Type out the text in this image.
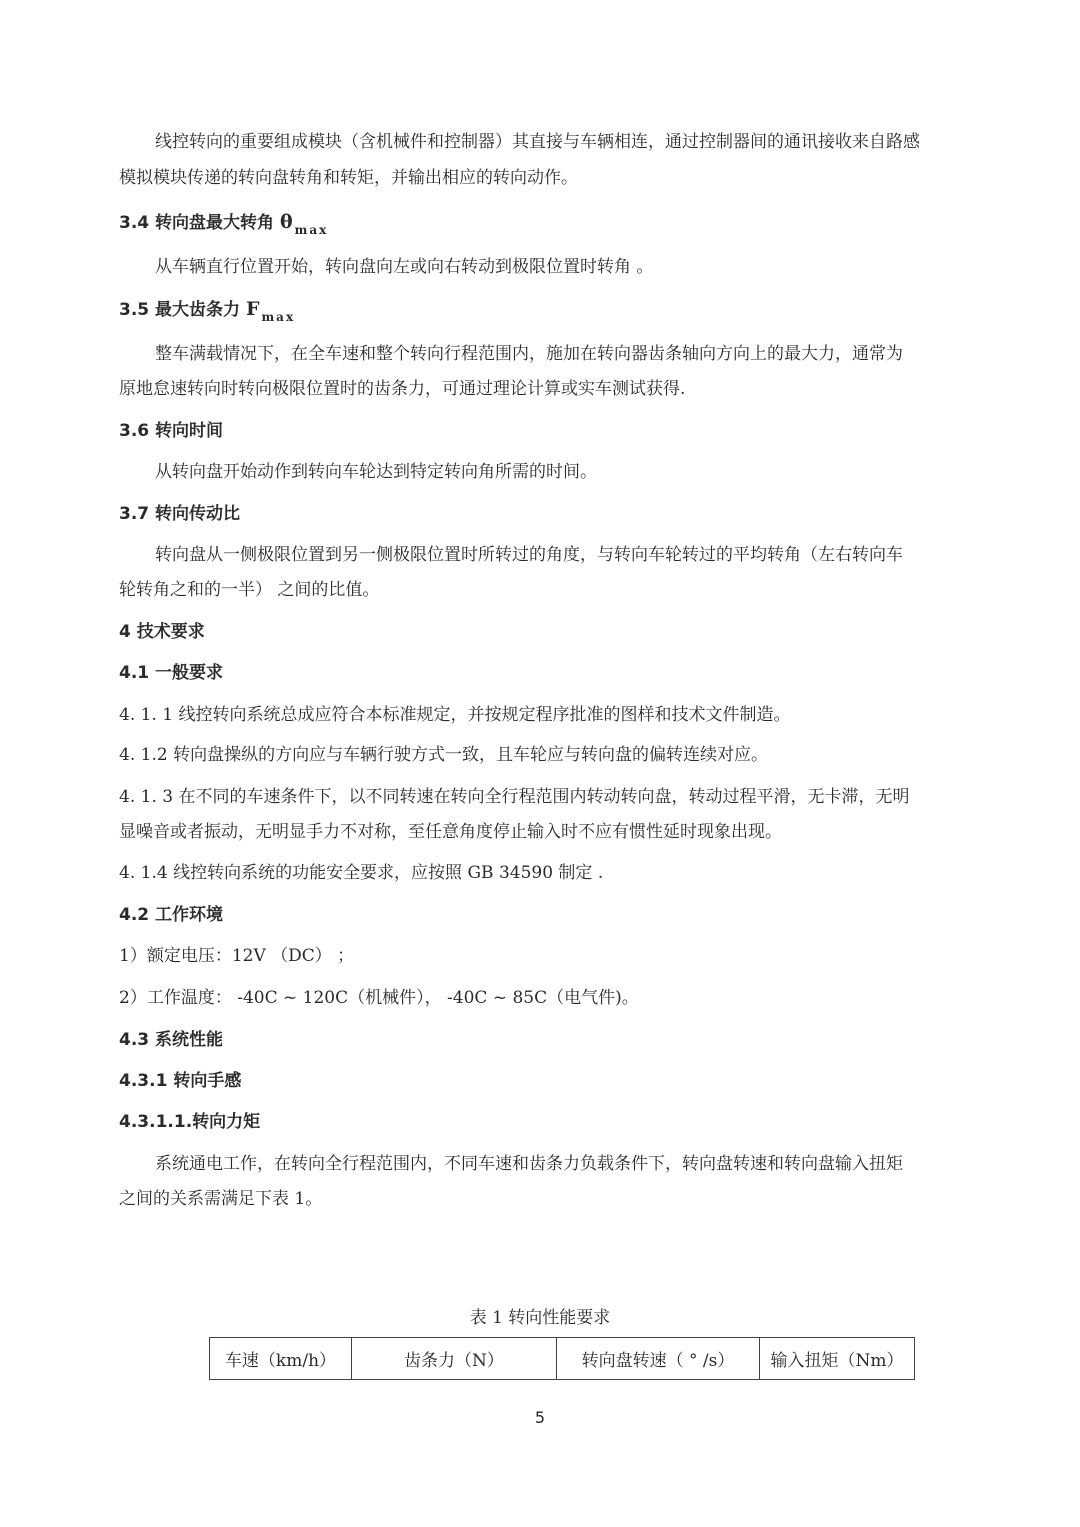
线控转向的重要组成模块（含机械件和控制器）其直接与车辆相连，通过控制器间的通讯接收来自路感
模拟模块传递的转向盘转角和转矩，并输出相应的转向动作。
3.4 转向盘最大转角 θ $_{max}$
从车辆直行位置开始，转向盘向左或向右转动到极限位置时转角 。
3.5 最大齿条力 F $_{max}$
整车满载情况下，在全车速和整个转向行程范围内，施加在转向器齿条轴向方向上的最大力，通常为
原地怠速转向时转向极限位置时的齿条力，可通过理论计算或实车测试获得.
3.6 转向时间
从转向盘开始动作到转向车轮达到特定转向角所需的时间。
3.7 转向传动比
转向盘从一侧极限位置到另一侧极限位置时所转过的角度，与转向车轮转过的平均转角（左右转向车
轮转角之和的一半） 之间的比值。
4 技术要求
4.1 一般要求
4. 1. 1 线控转向系统总成应符合本标准规定，并按规定程序批准的图样和技术文件制造。
4. 1.2 转向盘操纵的方向应与车辆行驶方式一致，且车轮应与转向盘的偏转连续对应。
4. 1. 3 在不同的车速条件下，以不同转速在转向全行程范围内转动转向盘，转动过程平滑，无卡滞，无明
显噪音或者振动，无明显手力不对称，至任意角度停止输入时不应有惯性延时现象出现。
4. 1.4 线控转向系统的功能安全要求，应按照 GB 34590 制定 .
4.2 工作环境
1）额定电压：12V （DC） ；
2）工作温度： -40C ~ 120C（机械件）， -40C ~ 85C（电气件)。
4.3 系统性能
4.3.1 转向手感
4.3.1.1.转向力矩
系统通电工作，在转向全行程范围内，不同车速和齿条力负载条件下，转向盘转速和转向盘输入扭矩
之间的关系需满足下表 1。
表 1 转向性能要求
车速（km/h）	齿条力（N）	转向盘转速（ ° /s）	输入扭矩（Nm）
5
